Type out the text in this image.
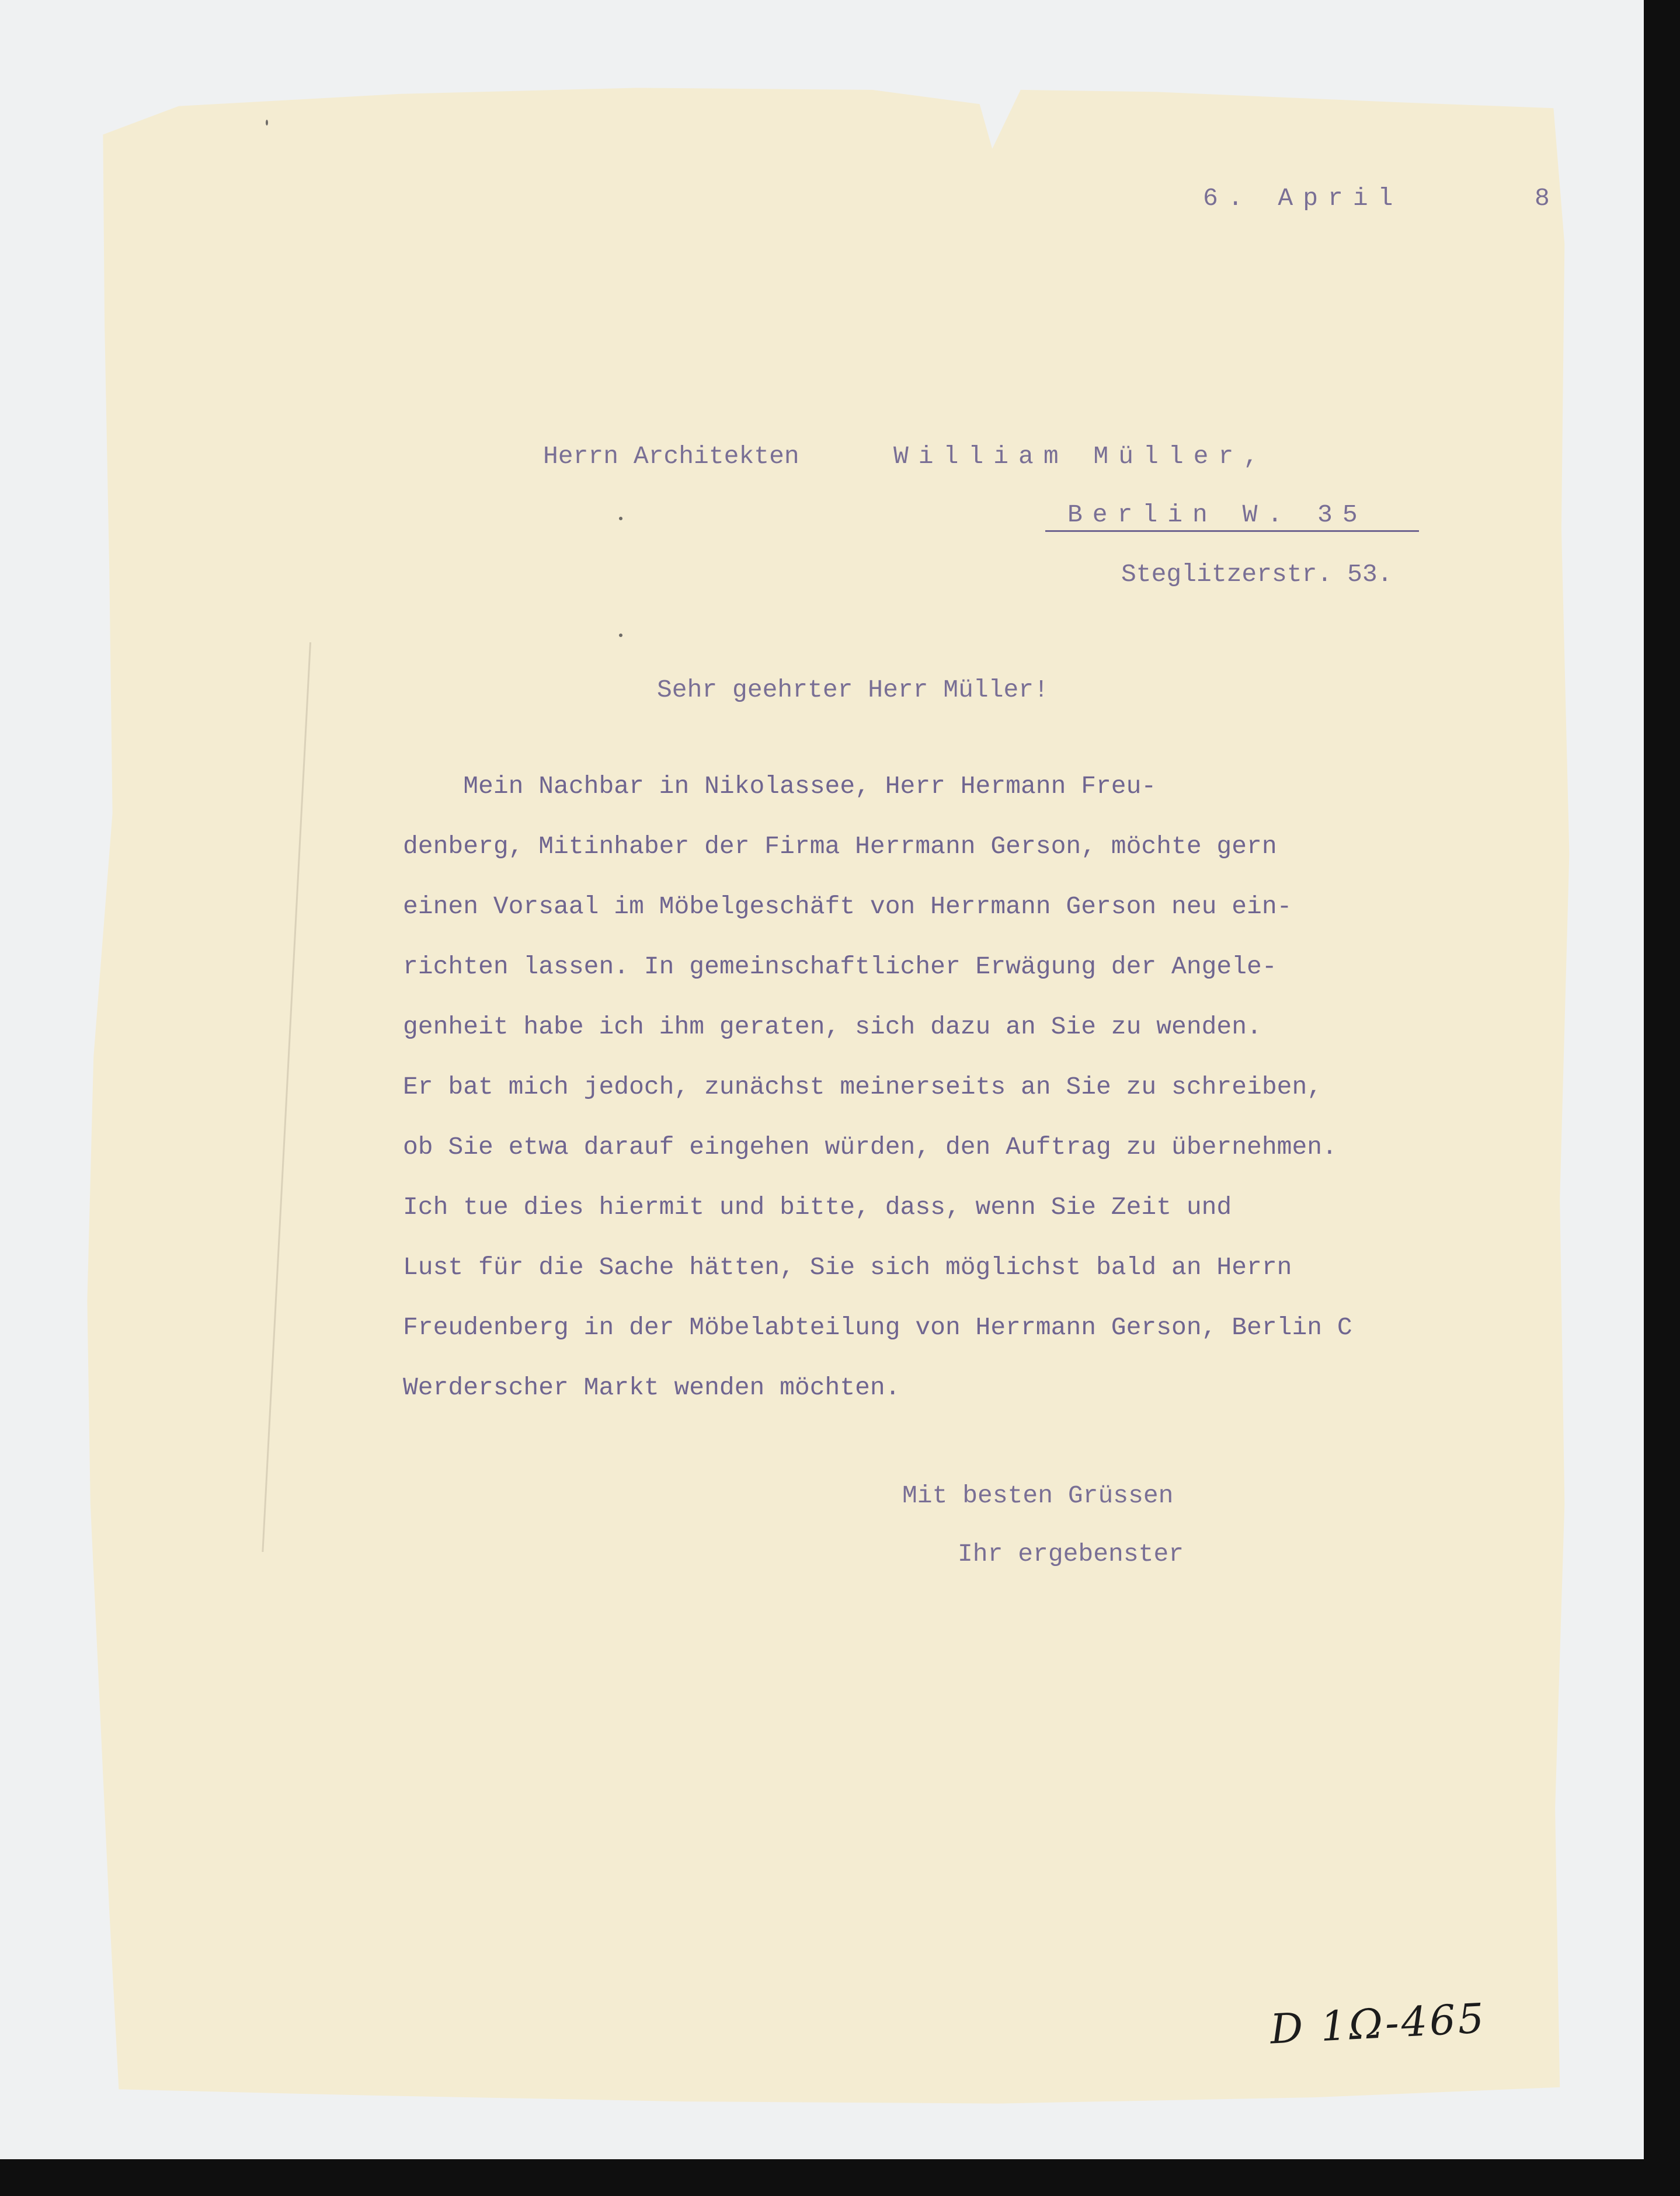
6. April	8
Herrn Architekten	William Müller,
Berlin W. 35
Steglitzerstr. 53.
Sehr geehrter Herr Müller!
Mein Nachbar in Nikolassee, Herr Hermann Freu-
denberg, Mitinhaber der Firma Herrmann Gerson, möchte gern
einen Vorsaal im Möbelgeschäft von Herrmann Gerson neu ein-
richten lassen. In gemeinschaftlicher Erwägung der Angele-
genheit habe ich ihm geraten, sich dazu an Sie zu wenden.
Er bat mich jedoch, zunächst meinerseits an Sie zu schreiben,
ob Sie etwa darauf eingehen würden, den Auftrag zu übernehmen.
Ich tue dies hiermit und bitte, dass, wenn Sie Zeit und
Lust für die Sache hätten, Sie sich möglichst bald an Herrn
Freudenberg in der Möbelabteilung von Herrmann Gerson, Berlin C
Werderscher Markt wenden möchten.
Mit besten Grüssen
Ihr ergebenster
D 1Ω-465
